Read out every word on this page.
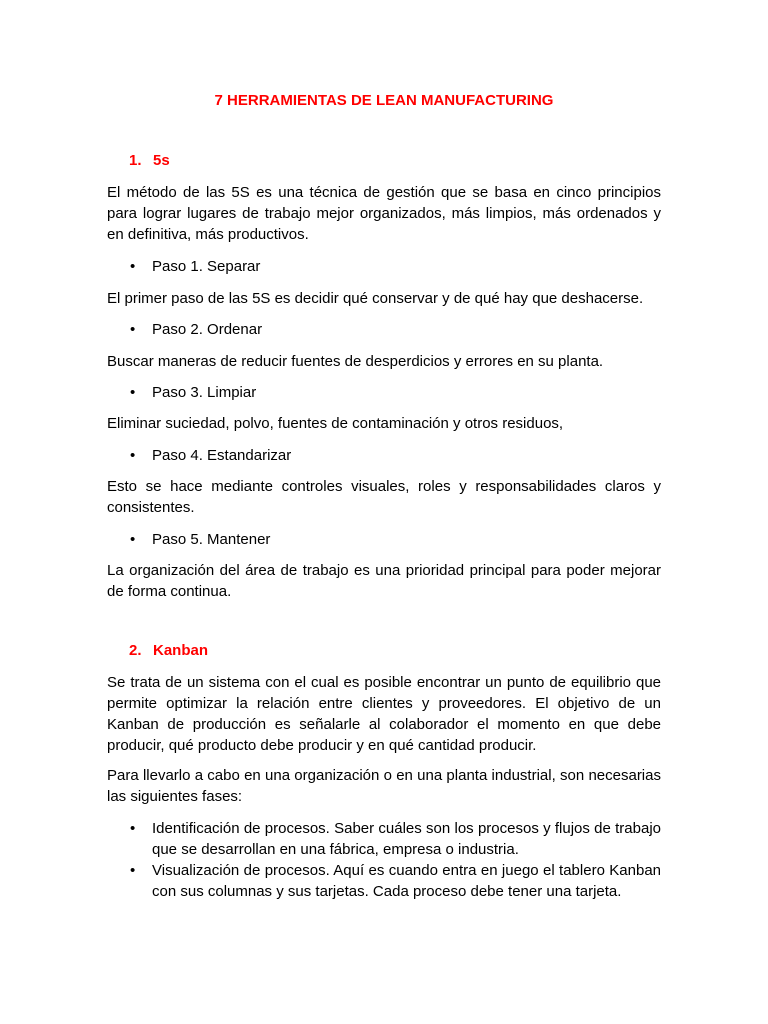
7 HERRAMIENTAS DE LEAN MANUFACTURING
1. 5s
El método de las 5S es una técnica de gestión que se basa en cinco principios para lograr lugares de trabajo mejor organizados, más limpios, más ordenados y en definitiva, más productivos.
•	Paso 1. Separar
El primer paso de las 5S es decidir qué conservar y de qué hay que deshacerse.
•	Paso 2. Ordenar
Buscar maneras de reducir fuentes de desperdicios y errores en su planta.
•	Paso 3. Limpiar
Eliminar suciedad, polvo, fuentes de contaminación y otros residuos,
•	Paso 4. Estandarizar
Esto se hace mediante controles visuales, roles y responsabilidades claros y consistentes.
•	Paso 5. Mantener
La organización del área de trabajo es una prioridad principal para poder mejorar de forma continua.
2. Kanban
Se trata de un sistema con el cual es posible encontrar un punto de equilibrio que permite optimizar la relación entre clientes y proveedores. El objetivo de un Kanban de producción es señalarle al colaborador el momento en que debe producir, qué producto debe producir y en qué cantidad producir.
Para llevarlo a cabo en una organización o en una planta industrial, son necesarias las siguientes fases:
•	Identificación de procesos. Saber cuáles son los procesos y flujos de trabajo que se desarrollan en una fábrica, empresa o industria.
•	Visualización de procesos. Aquí es cuando entra en juego el tablero Kanban con sus columnas y sus tarjetas. Cada proceso debe tener una tarjeta.
